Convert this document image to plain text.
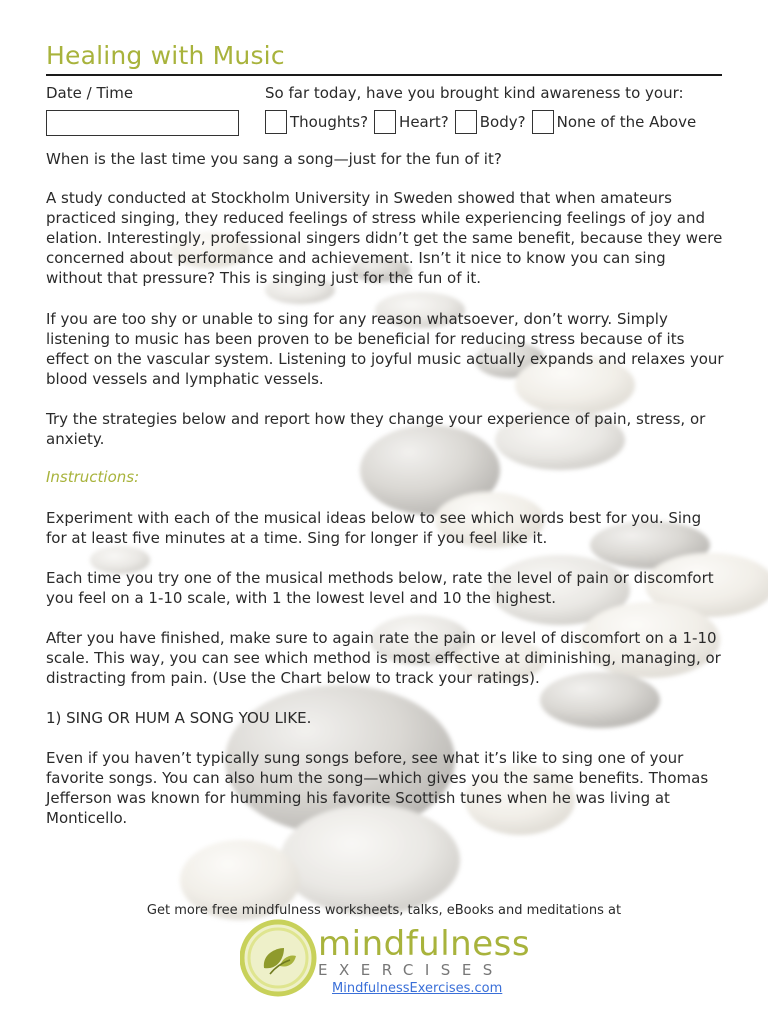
Healing with Music
Date / Time	So far today, have you brought kind awareness to your:
Thoughts? Heart? Body? None of the Above

When is the last time you sang a song—just for the fun of it?

A study conducted at Stockholm University in Sweden showed that when amateurs practiced singing, they reduced feelings of stress while experiencing feelings of joy and elation. Interestingly, professional singers didn’t get the same benefit, because they were concerned about performance and achievement. Isn’t it nice to know you can sing without that pressure? This is singing just for the fun of it.

If you are too shy or unable to sing for any reason whatsoever, don’t worry. Simply listening to music has been proven to be beneficial for reducing stress because of its effect on the vascular system. Listening to joyful music actually expands and relaxes your blood vessels and lymphatic vessels.

Try the strategies below and report how they change your experience of pain, stress, or anxiety.

Instructions:

Experiment with each of the musical ideas below to see which words best for you. Sing for at least five minutes at a time. Sing for longer if you feel like it.

Each time you try one of the musical methods below, rate the level of pain or discomfort you feel on a 1-10 scale, with 1 the lowest level and 10 the highest.

After you have finished, make sure to again rate the pain or level of discomfort on a 1-10 scale. This way, you can see which method is most effective at diminishing, managing, or distracting from pain. (Use the Chart below to track your ratings).

1) SING OR HUM A SONG YOU LIKE.

Even if you haven’t typically sung songs before, see what it’s like to sing one of your favorite songs. You can also hum the song—which gives you the same benefits. Thomas Jefferson was known for humming his favorite Scottish tunes when he was living at Monticello.

Get more free mindfulness worksheets, talks, eBooks and meditations at
mindfulness
EXERCISES
MindfulnessExercises.com
